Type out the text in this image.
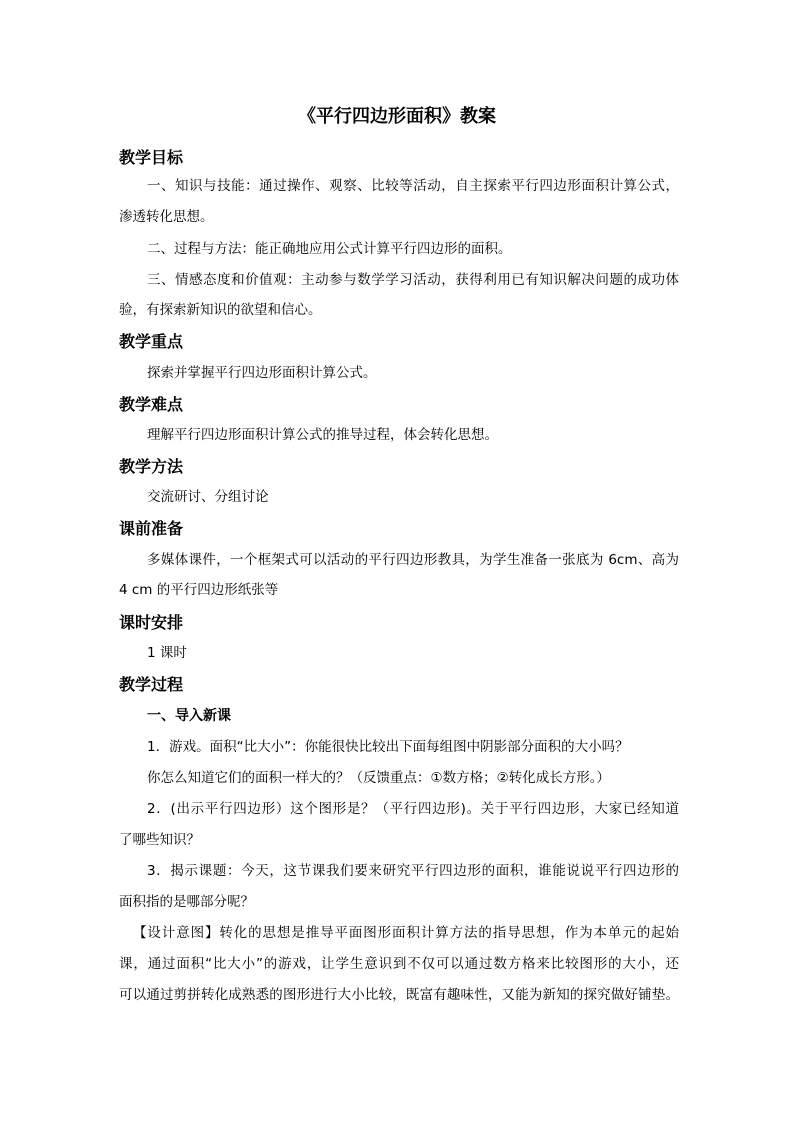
《平行四边形面积》教案
教学目标
一、知识与技能：通过操作、观察、比较等活动，自主探索平行四边形面积计算公式，
渗透转化思想。
二、过程与方法：能正确地应用公式计算平行四边形的面积。
三、情感态度和价值观：主动参与数学学习活动，获得利用已有知识解决问题的成功体
验，有探索新知识的欲望和信心。
教学重点
探索并掌握平行四边形面积计算公式。
教学难点
理解平行四边形面积计算公式的推导过程，体会转化思想。
教学方法
交流研讨、分组讨论
课前准备
多媒体课件，一个框架式可以活动的平行四边形教具，为学生准备一张底为 6cm、高为
4 cm 的平行四边形纸张等
课时安排
1 课时
教学过程
一、导入新课
1．游戏。面积“比大小”：你能很快比较出下面每组图中阴影部分面积的大小吗？
你怎么知道它们的面积一样大的？（反馈重点：①数方格；②转化成长方形。）
2．(出示平行四边形）这个图形是？（平行四边形)。关于平行四边形，大家已经知道
了哪些知识？
3．揭示课题：今天，这节课我们要来研究平行四边形的面积，谁能说说平行四边形的
面积指的是哪部分呢？
【设计意图】转化的思想是推导平面图形面积计算方法的指导思想，作为本单元的起始
课，通过面积“比大小”的游戏，让学生意识到不仅可以通过数方格来比较图形的大小，还
可以通过剪拼转化成熟悉的图形进行大小比较，既富有趣味性，又能为新知的探究做好铺垫。
